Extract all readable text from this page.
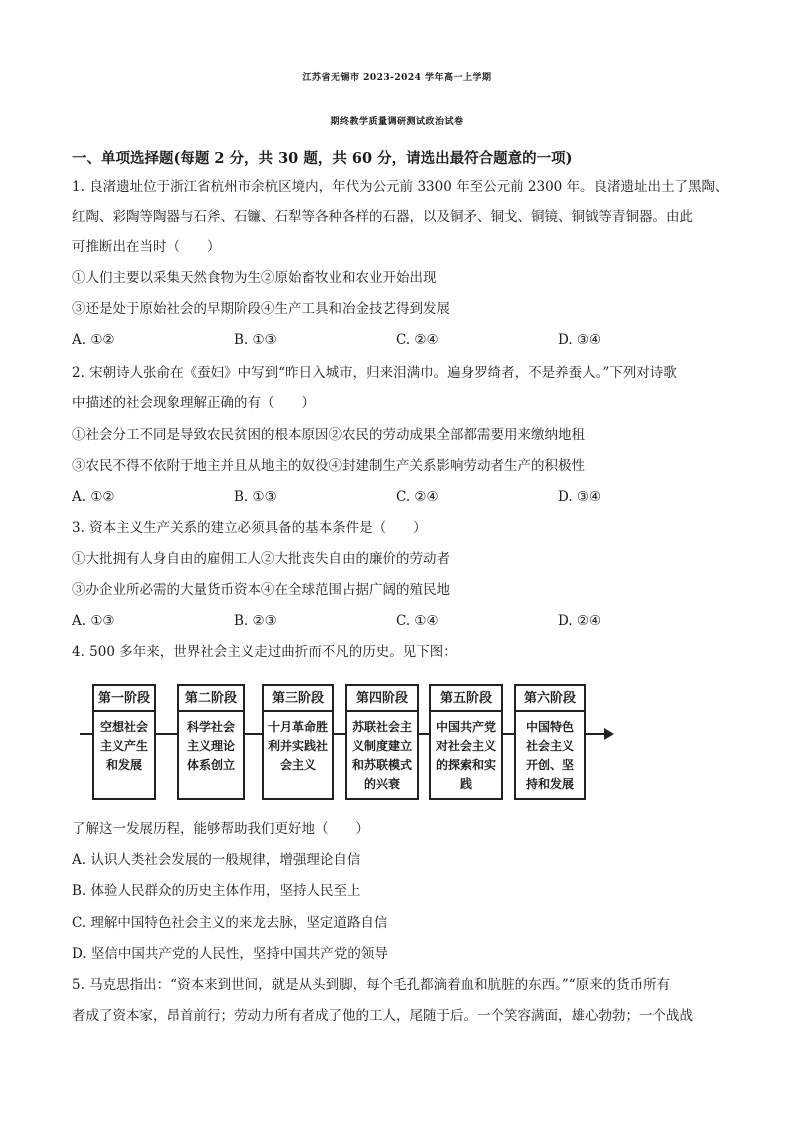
江苏省无锡市 2023-2024 学年高一上学期
期终教学质量调研测试政治试卷
一、单项选择题(每题 2 分，共 30 题，共 60 分，请选出最符合题意的一项)
1. 良渚遗址位于浙江省杭州市余杭区境内，年代为公元前 3300 年至公元前 2300 年。良渚遗址出土了黑陶、
红陶、彩陶等陶器与石斧、石镰、石犁等各种各样的石器，以及铜矛、铜戈、铜镜、铜钺等青铜器。由此
可推断出在当时（　　）
①人们主要以采集天然食物为生②原始畜牧业和农业开始出现
③还是处于原始社会的早期阶段④生产工具和冶金技艺得到发展
A. ①②	B. ①③	C. ②④	D. ③④
2. 宋朝诗人张俞在《蚕妇》中写到“昨日入城市，归来泪满巾。遍身罗绮者，不是养蚕人。”下列对诗歌
中描述的社会现象理解正确的有（　　）
①社会分工不同是导致农民贫困的根本原因②农民的劳动成果全部都需要用来缴纳地租
③农民不得不依附于地主并且从地主的奴役④封建制生产关系影响劳动者生产的积极性
A. ①②	B. ①③	C. ②④	D. ③④
3. 资本主义生产关系的建立必须具备的基本条件是（　　）
①大批拥有人身自由的雇佣工人②大批丧失自由的廉价的劳动者
③办企业所必需的大量货币资本④在全球范围占据广阔的殖民地
A. ①③	B. ②③	C. ①④	D. ②④
4. 500 多年来，世界社会主义走过曲折而不凡的历史。见下图：
第一阶段
空想社会
主义产生
和发展
第二阶段
科学社会
主义理论
体系创立
第三阶段
十月革命胜
利并实践社
会主义
第四阶段
苏联社会主
义制度建立
和苏联模式
的兴衰
第五阶段
中国共产党
对社会主义
的探索和实
践
第六阶段
中国特色
社会主义
开创、坚
持和发展
了解这一发展历程，能够帮助我们更好地（　　）
A. 认识人类社会发展的一般规律，增强理论自信
B. 体验人民群众的历史主体作用，坚持人民至上
C. 理解中国特色社会主义的来龙去脉，坚定道路自信
D. 坚信中国共产党的人民性，坚持中国共产党的领导
5. 马克思指出：“资本来到世间，就是从头到脚，每个毛孔都滴着血和肮脏的东西。”“原来的货币所有
者成了资本家，昂首前行；劳动力所有者成了他的工人，尾随于后。一个笑容满面，雄心勃勃；一个战战
